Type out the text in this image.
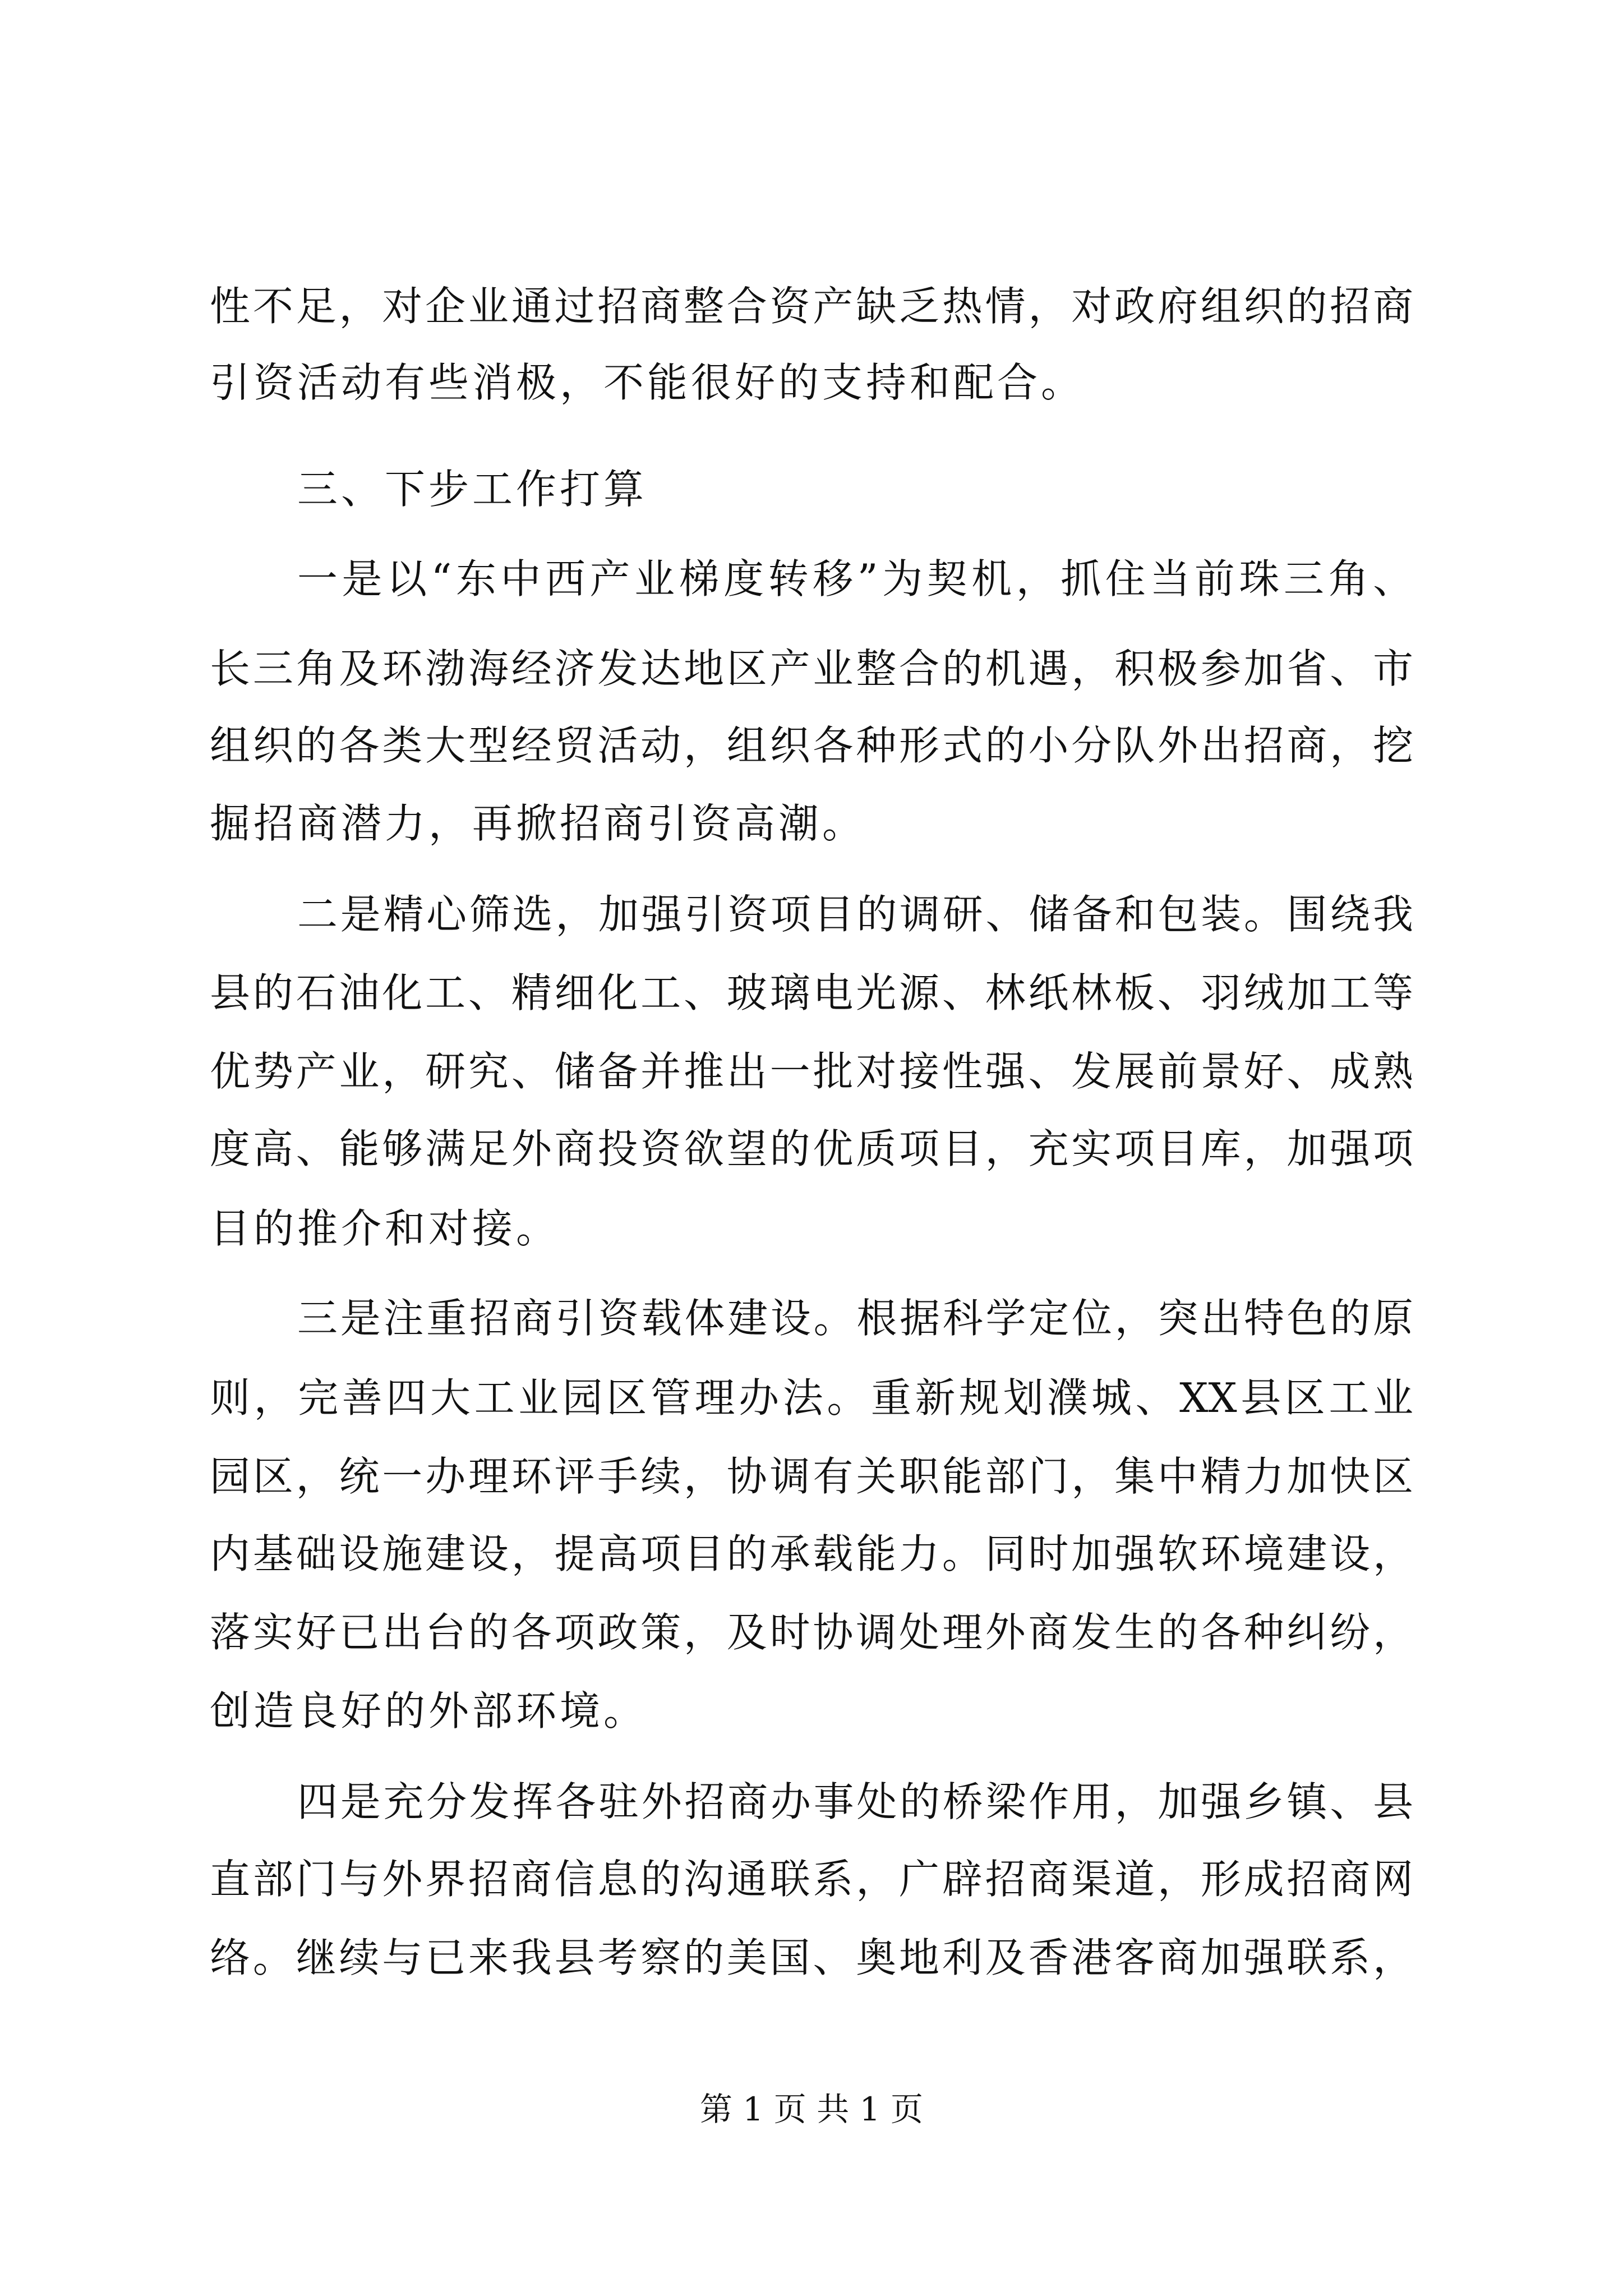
性不足，对企业通过招商整合资产缺乏热情，对政府组织的招商
引资活动有些消极，不能很好的支持和配合。
三、下步工作打算
一是以“东中西产业梯度转移”为契机，抓住当前珠三角、
长三角及环渤海经济发达地区产业整合的机遇，积极参加省、市
组织的各类大型经贸活动，组织各种形式的小分队外出招商，挖
掘招商潜力，再掀招商引资高潮。
二是精心筛选，加强引资项目的调研、储备和包装。围绕我
县的石油化工、精细化工、玻璃电光源、林纸林板、羽绒加工等
优势产业，研究、储备并推出一批对接性强、发展前景好、成熟
度高、能够满足外商投资欲望的优质项目，充实项目库，加强项
目的推介和对接。
三是注重招商引资载体建设。根据科学定位，突出特色的原
则，完善四大工业园区管理办法。重新规划濮城、XX县区工业
园区，统一办理环评手续，协调有关职能部门，集中精力加快区
内基础设施建设，提高项目的承载能力。同时加强软环境建设，
落实好已出台的各项政策，及时协调处理外商发生的各种纠纷，
创造良好的外部环境。
四是充分发挥各驻外招商办事处的桥梁作用，加强乡镇、县
直部门与外界招商信息的沟通联系，广辟招商渠道，形成招商网
络。继续与已来我县考察的美国、奥地利及香港客商加强联系，
第 1 页 共 1 页
